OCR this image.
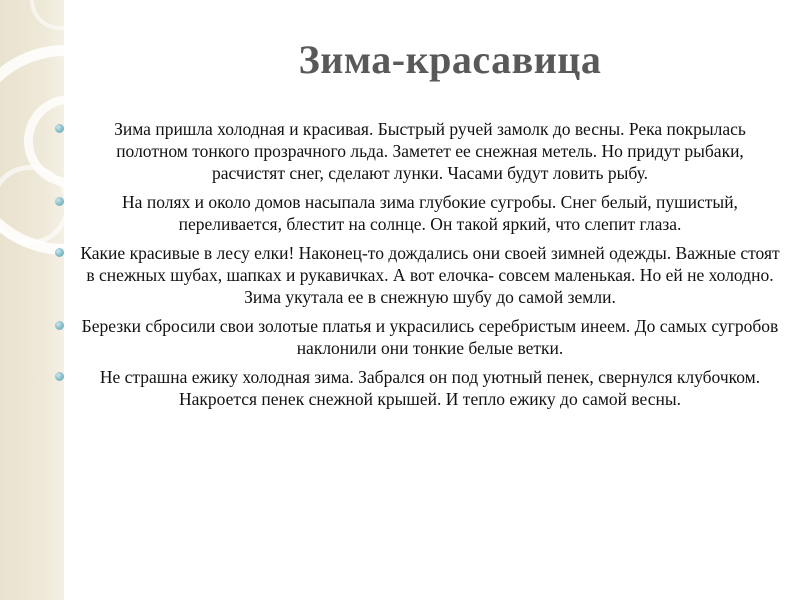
Зима-красавица
Зима пришла холодная и красивая. Быстрый ручей замолк до весны. Река покрылась полотном тонкого прозрачного льда. Заметет ее снежная метель. Но придут рыбаки, расчистят снег, сделают лунки. Часами будут ловить рыбу.
На полях и около домов насыпала зима глубокие сугробы. Снег белый, пушистый, переливается, блестит на солнце. Он такой яркий, что слепит глаза.
Какие красивые в лесу елки! Наконец-то дождались они своей зимней одежды. Важные стоят в снежных шубах, шапках и рукавичках. А вот елочка- совсем маленькая. Но ей не холодно. Зима укутала ее в снежную шубу до самой земли.
Березки сбросили свои золотые платья и украсились серебристым инеем. До самых сугробов наклонили они тонкие белые ветки.
Не страшна ежику холодная зима. Забрался он под уютный пенек, свернулся клубочком. Накроется пенек снежной крышей. И тепло ежику до самой весны.
